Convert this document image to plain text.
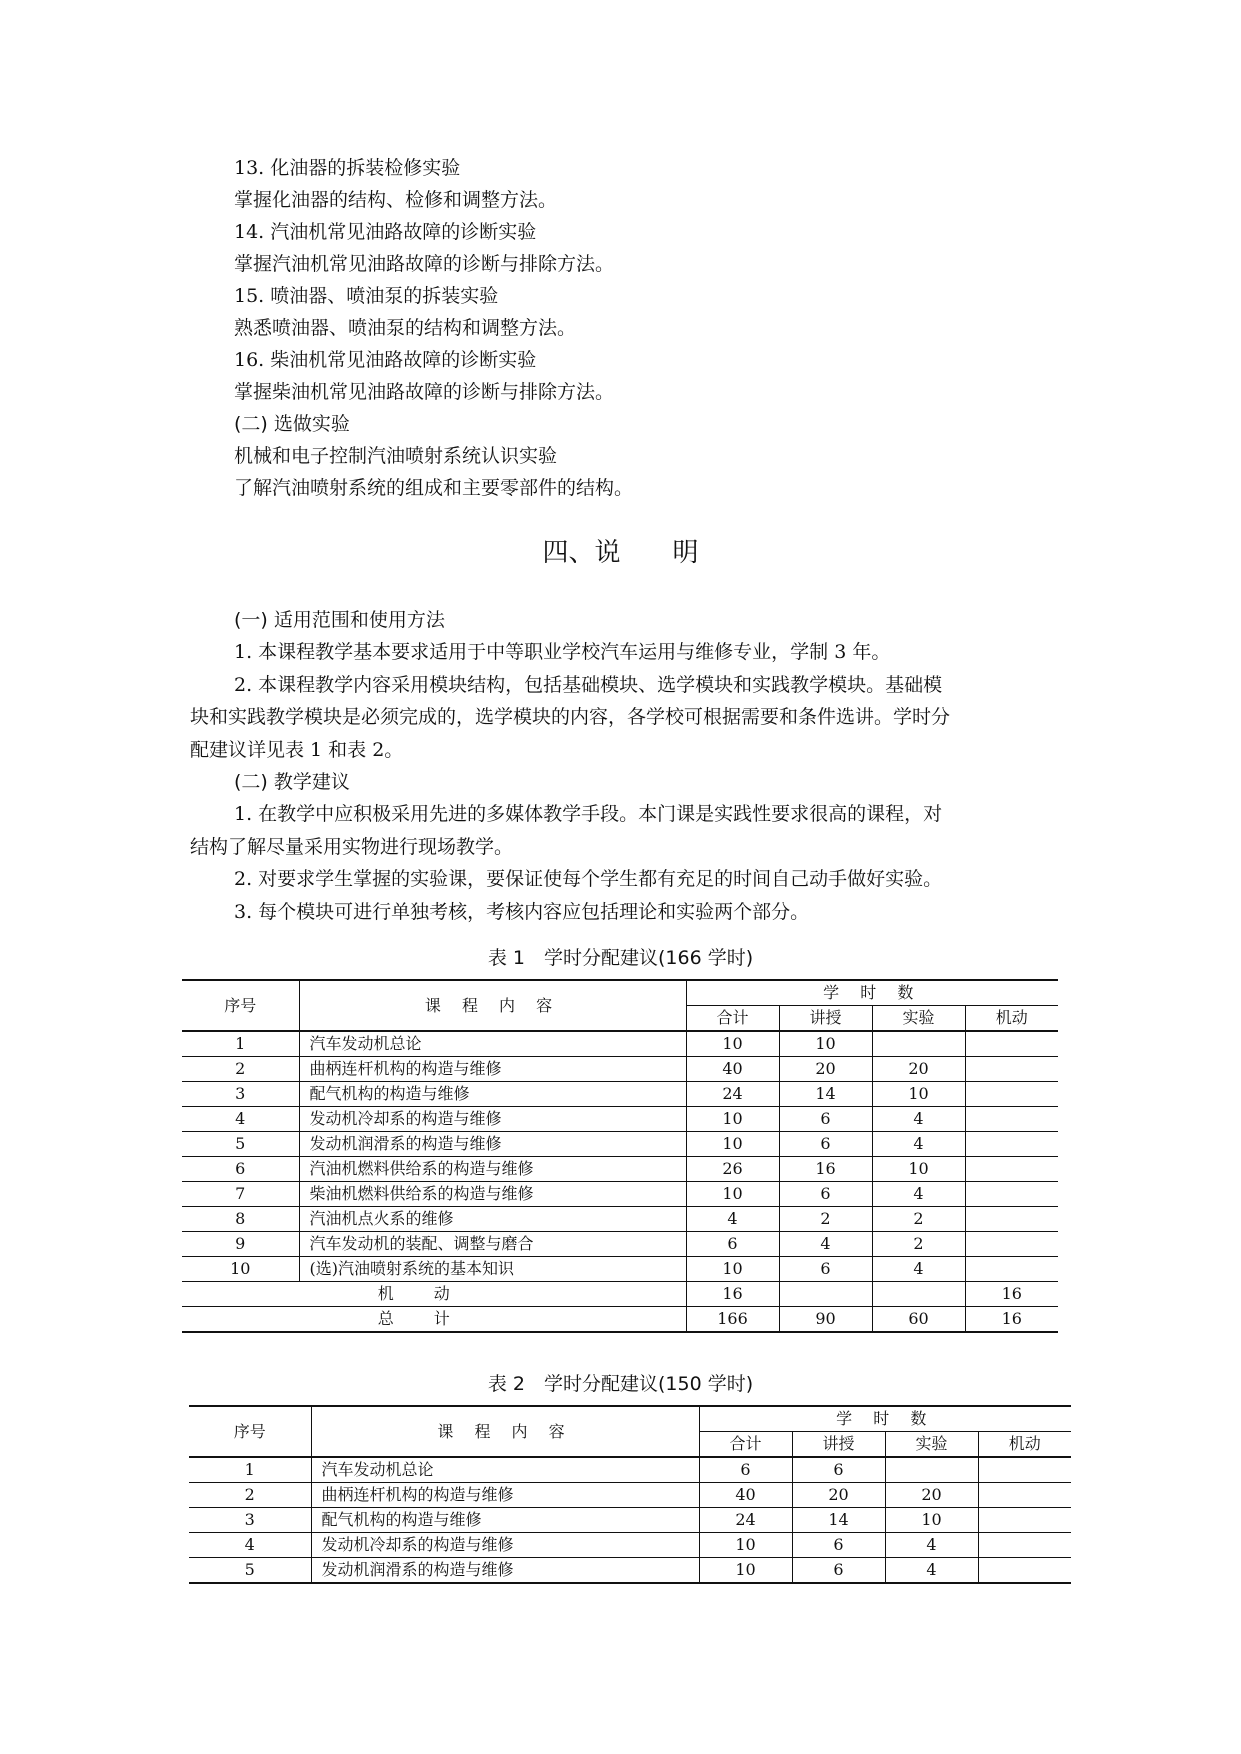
13. 化油器的拆装检修实验
掌握化油器的结构、检修和调整方法。
14. 汽油机常见油路故障的诊断实验
掌握汽油机常见油路故障的诊断与排除方法。
15. 喷油器、喷油泵的拆装实验
熟悉喷油器、喷油泵的结构和调整方法。
16. 柴油机常见油路故障的诊断实验
掌握柴油机常见油路故障的诊断与排除方法。
(二) 选做实验
机械和电子控制汽油喷射系统认识实验
了解汽油喷射系统的组成和主要零部件的结构。
四、说　　明
(一) 适用范围和使用方法
1. 本课程教学基本要求适用于中等职业学校汽车运用与维修专业，学制 3 年。
2. 本课程教学内容采用模块结构，包括基础模块、选学模块和实践教学模块。基础模
块和实践教学模块是必须完成的，选学模块的内容，各学校可根据需要和条件选讲。学时分
配建议详见表 1 和表 2。
(二) 教学建议
1. 在教学中应积极采用先进的多媒体教学手段。本门课是实践性要求很高的课程，对
结构了解尽量采用实物进行现场教学。
2. 对要求学生掌握的实验课，要保证使每个学生都有充足的时间自己动手做好实验。
3. 每个模块可进行单独考核，考核内容应包括理论和实验两个部分。
表 1　学时分配建议(166 学时)
序号	课 程 内 容	学 时 数			
		合计	讲授	实验	机动
1	汽车发动机总论	10	10		
2	曲柄连杆机构的构造与维修	40	20	20	
3	配气机构的构造与维修	24	14	10	
4	发动机冷却系的构造与维修	10	6	4	
5	发动机润滑系的构造与维修	10	6	4	
6	汽油机燃料供给系的构造与维修	26	16	10	
7	柴油机燃料供给系的构造与维修	10	6	4	
8	汽油机点火系的维修	4	2	2	
9	汽车发动机的装配、调整与磨合	6	4	2	
10	(选)汽油喷射系统的基本知识	10	6	4	
机动		16			16
总计		166	90	60	16
表 2　学时分配建议(150 学时)
序号	课 程 内 容	学 时 数			
		合计	讲授	实验	机动
1	汽车发动机总论	6	6		
2	曲柄连杆机构的构造与维修	40	20	20	
3	配气机构的构造与维修	24	14	10	
4	发动机冷却系的构造与维修	10	6	4	
5	发动机润滑系的构造与维修	10	6	4	
